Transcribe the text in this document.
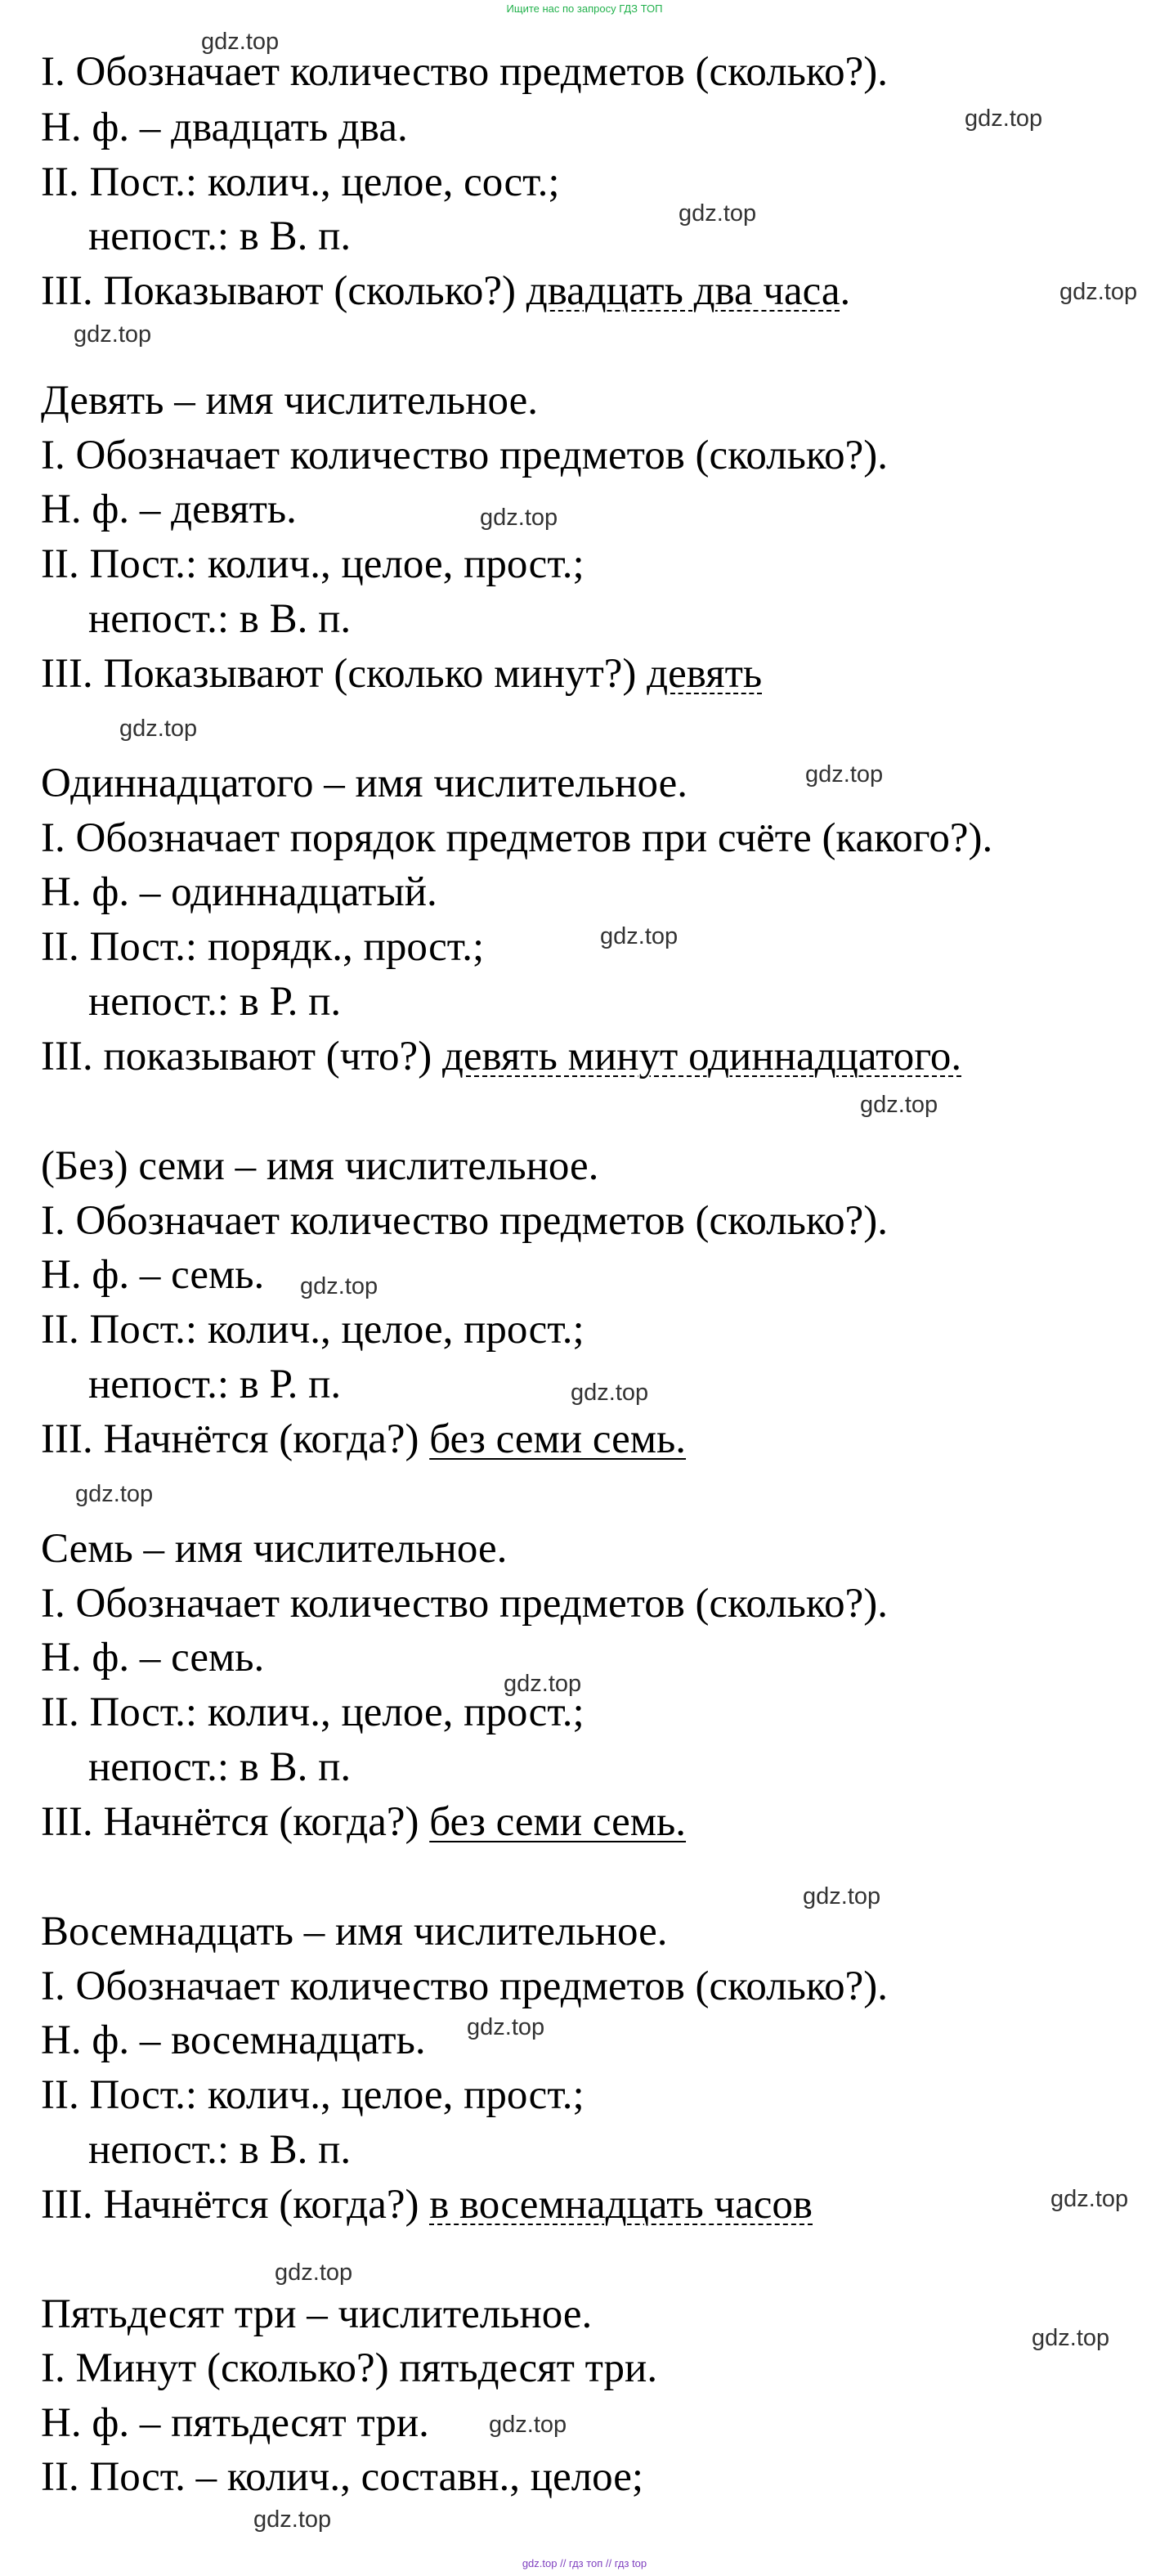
Ищите нас по запросу ГДЗ ТОП
I. Обозначает количество предметов (сколько?).
Н. ф. – двадцать два.
II. Пост.: колич., целое, сост.;
непост.: в В. п.
III. Показывают (сколько?) двадцать два часа.
Девять – имя числительное.
I. Обозначает количество предметов (сколько?).
Н. ф. – девять.
II. Пост.: колич., целое, прост.;
непост.: в В. п.
III. Показывают (сколько минут?) девять
Одиннадцатого – имя числительное.
I. Обозначает порядок предметов при счёте (какого?).
Н. ф. – одиннадцатый.
II. Пост.: порядк., прост.;
непост.: в Р. п.
III. показывают (что?) девять минут одиннадцатого.
(Без) семи – имя числительное.
I. Обозначает количество предметов (сколько?).
Н. ф. – семь.
II. Пост.: колич., целое, прост.;
непост.: в Р. п.
III. Начнётся (когда?) без семи семь.
Семь – имя числительное.
I. Обозначает количество предметов (сколько?).
Н. ф. – семь.
II. Пост.: колич., целое, прост.;
непост.: в В. п.
III. Начнётся (когда?) без семи семь.
Восемнадцать – имя числительное.
I. Обозначает количество предметов (сколько?).
Н. ф. – восемнадцать.
II. Пост.: колич., целое, прост.;
непост.: в В. п.
III. Начнётся (когда?) в восемнадцать часов
Пятьдесят три – числительное.
I. Минут (сколько?) пятьдесят три.
Н. ф. – пятьдесят три.
II. Пост. – колич., составн., целое;
gdz.top
gdz.top
gdz.top
gdz.top
gdz.top
gdz.top
gdz.top
gdz.top
gdz.top
gdz.top
gdz.top
gdz.top
gdz.top
gdz.top
gdz.top
gdz.top
gdz.top
gdz.top
gdz.top
gdz.top
gdz.top
gdz.top // гдз топ // гдз top
